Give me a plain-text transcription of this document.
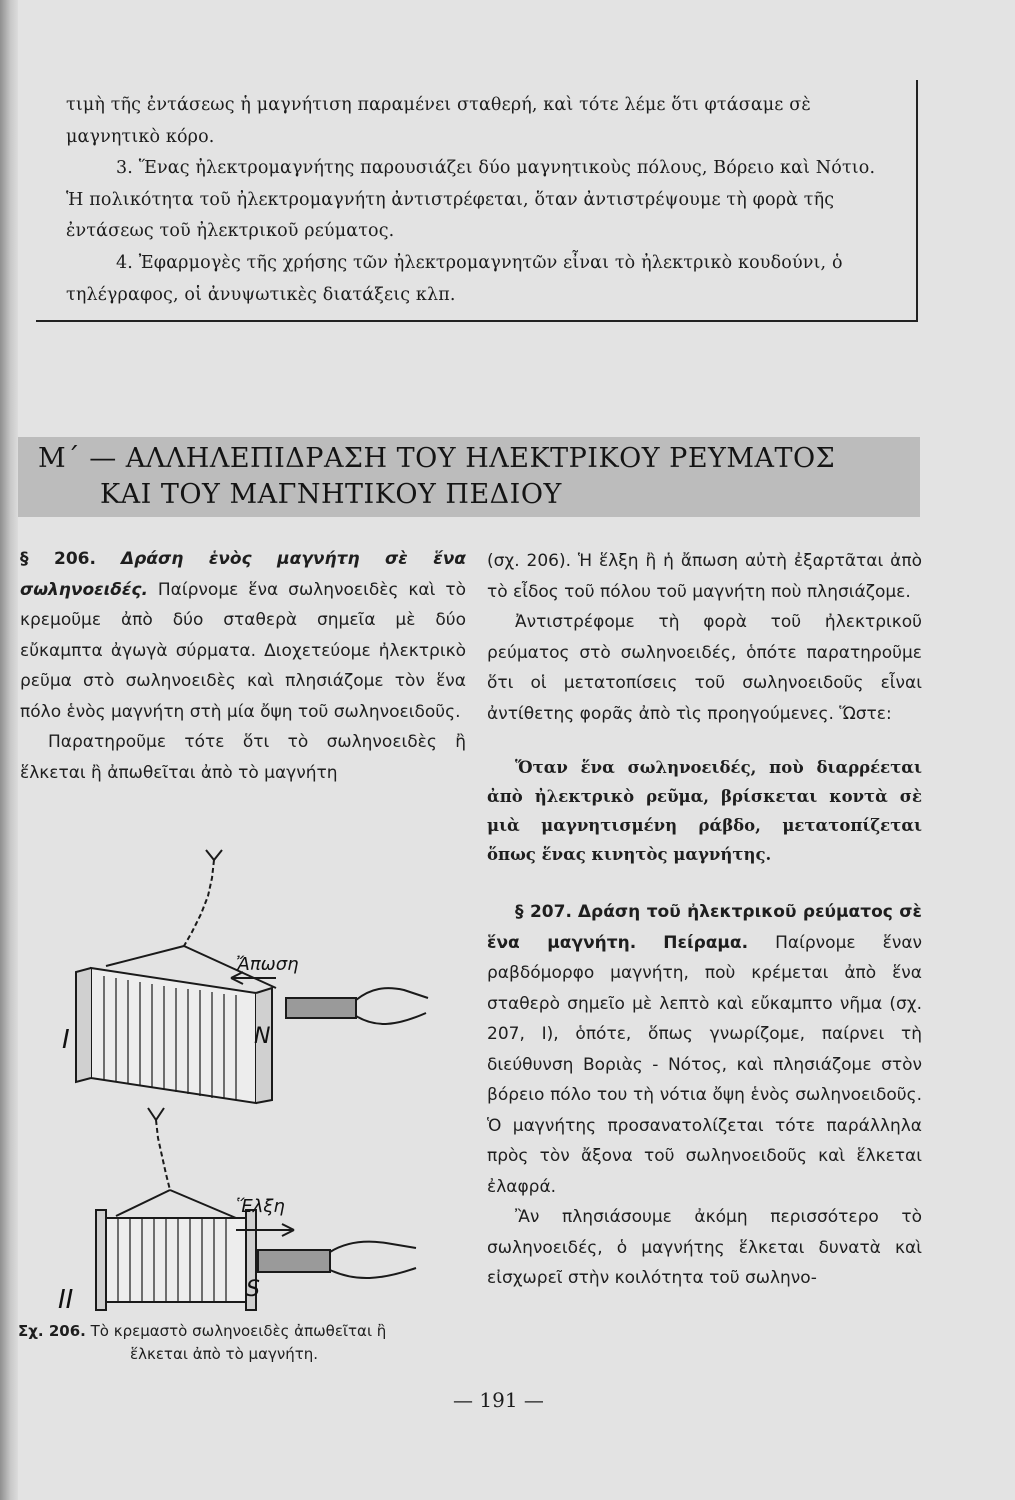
τιμὴ τῆς ἐντάσεως ἡ μαγνήτιση παραμένει σταθερή, καὶ τότε λέμε ὅτι φτάσαμε σὲ μαγνητικὸ κόρο.

3. Ἕνας ἠλεκτρομαγνήτης παρουσιάζει δύο μαγνητικοὺς πόλους, Βόρειο καὶ Νότιο. Ἡ πολικότητα τοῦ ἠλεκτρομαγνήτη ἀντιστρέφεται, ὅταν ἀντιστρέψουμε τὴ φορὰ τῆς ἐντάσεως τοῦ ἠλεκτρικοῦ ρεύματος.

4. Ἐφαρμογὲς τῆς χρήσης τῶν ἠλεκτρομαγνητῶν εἶναι τὸ ἠλεκτρικὸ κουδούνι, ὁ τηλέγραφος, οἱ ἀνυψωτικὲς διατάξεις κλπ.

Μ΄ — ΑΛΛΗΛΕΠΙΔΡΑΣΗ ΤΟΥ ΗΛΕΚΤΡΙΚΟΥ ΡΕΥΜΑΤΟΣ
ΚΑΙ ΤΟΥ ΜΑΓΝΗΤΙΚΟΥ ΠΕΔΙΟΥ

§ 206. Δράση ἑνὸς μαγνήτη σὲ ἕνα σωληνοειδές. Παίρνομε ἕνα σωληνοειδὲς καὶ τὸ κρεμοῦμε ἀπὸ δύο σταθερὰ σημεῖα μὲ δύο εὔκαμπτα ἀγωγὰ σύρματα. Διοχετεύομε ἠλεκτρικὸ ρεῦμα στὸ σωληνοειδὲς καὶ πλησιάζομε τὸν ἕνα πόλο ἑνὸς μαγνήτη στὴ μία ὄψη τοῦ σωληνοειδοῦς.

Παρατηροῦμε τότε ὅτι τὸ σωληνοειδὲς ἢ ἕλκεται ἢ ἀπωθεῖται ἀπὸ τὸ μαγνήτη

Ἄπωση
N
I
Ἕλξη
S
II
Σχ. 206. Τὸ κρεμαστὸ σωληνοειδὲς ἀπωθεῖται ἢ
ἕλκεται ἀπὸ τὸ μαγνήτη.

(σχ. 206). Ἡ ἕλξη ἢ ἡ ἄπωση αὐτὴ ἐξαρτᾶται ἀπὸ τὸ εἶδος τοῦ πόλου τοῦ μαγνήτη ποὺ πλησιάζομε.

Ἀντιστρέφομε τὴ φορὰ τοῦ ἠλεκτρικοῦ ρεύματος στὸ σωληνοειδές, ὁπότε παρατηροῦμε ὅτι οἱ μετατοπίσεις τοῦ σωληνοειδοῦς εἶναι ἀντίθετης φορᾶς ἀπὸ τὶς προηγούμενες. Ὥστε:

Ὅταν ἕνα σωληνοειδές, ποὺ διαρρέεται ἀπὸ ἠλεκτρικὸ ρεῦμα, βρίσκεται κοντὰ σὲ μιὰ μαγνητισμένη ράβδο, μετατοπίζεται ὅπως ἕνας κινητὸς μαγνήτης.

§ 207. Δράση τοῦ ἠλεκτρικοῦ ρεύματος σὲ ἕνα μαγνήτη. Πείραμα. Παίρνομε ἕναν ραβδόμορφο μαγνήτη, ποὺ κρέμεται ἀπὸ ἕνα σταθερὸ σημεῖο μὲ λεπτὸ καὶ εὔκαμπτο νῆμα (σχ. 207, Ι), ὁπότε, ὅπως γνωρίζομε, παίρνει τὴ διεύθυνση Βοριὰς - Νότος, καὶ πλησιάζομε στὸν βόρειο πόλο του τὴ νότια ὄψη ἑνὸς σωληνοειδοῦς. Ὁ μαγνήτης προσανατολίζεται τότε παράλληλα πρὸς τὸν ἄξονα τοῦ σωληνοειδοῦς καὶ ἕλκεται ἐλαφρά.

Ἂν πλησιάσουμε ἀκόμη περισσότερο τὸ σωληνοειδές, ὁ μαγνήτης ἕλκεται δυνατὰ καὶ εἰσχωρεῖ στὴν κοιλότητα τοῦ σωληνο-

— 191 —
